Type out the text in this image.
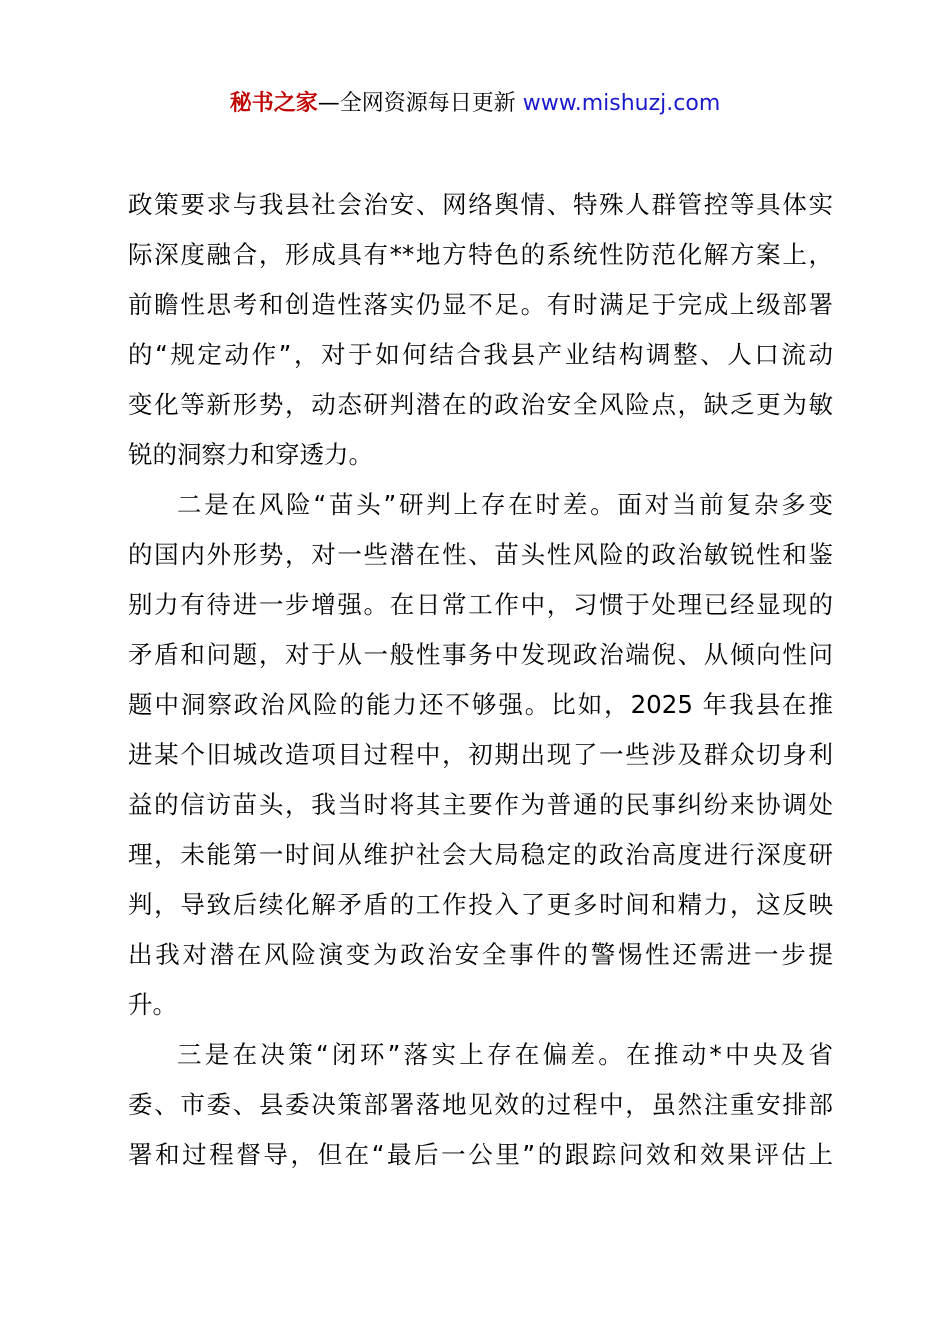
秘书之家—全网资源每日更新 www.mishuzj.com
政策要求与我县社会治安、网络舆情、特殊人群管控等具体实
际深度融合，形成具有**地方特色的系统性防范化解方案上，
前瞻性思考和创造性落实仍显不足。有时满足于完成上级部署
的“规定动作”，对于如何结合我县产业结构调整、人口流动
变化等新形势，动态研判潜在的政治安全风险点，缺乏更为敏
锐的洞察力和穿透力。
二是在风险“苗头”研判上存在时差。面对当前复杂多变
的国内外形势，对一些潜在性、苗头性风险的政治敏锐性和鉴
别力有待进一步增强。在日常工作中，习惯于处理已经显现的
矛盾和问题，对于从一般性事务中发现政治端倪、从倾向性问
题中洞察政治风险的能力还不够强。比如，2025 年我县在推
进某个旧城改造项目过程中，初期出现了一些涉及群众切身利
益的信访苗头，我当时将其主要作为普通的民事纠纷来协调处
理，未能第一时间从维护社会大局稳定的政治高度进行深度研
判，导致后续化解矛盾的工作投入了更多时间和精力，这反映
出我对潜在风险演变为政治安全事件的警惕性还需进一步提
升。
三是在决策“闭环”落实上存在偏差。在推动*中央及省
委、市委、县委决策部署落地见效的过程中，虽然注重安排部
署和过程督导，但在“最后一公里”的跟踪问效和效果评估上
